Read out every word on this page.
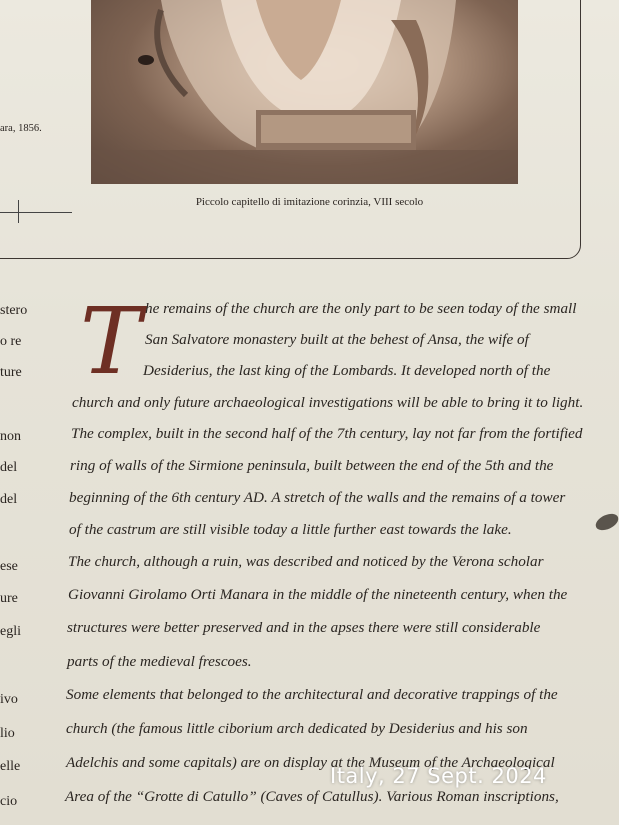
ara, 1856.
Piccolo capitello di imitazione corinzia, VIII secolo
stero
o re
ture
non
del
del
ese
ure
egli
ivo
lio
elle
cio
T he remains of the church are the only part to be seen today of the small
San Salvatore monastery built at the behest of Ansa, the wife of
Desiderius, the last king of the Lombards. It developed north of the
church and only future archaeological investigations will be able to bring it to light.
The complex, built in the second half of the 7th century, lay not far from the fortified
ring of walls of the Sirmione peninsula, built between the end of the 5th and the
beginning of the 6th century AD. A stretch of the walls and the remains of a tower
of the castrum are still visible today a little further east towards the lake.
The church, although a ruin, was described and noticed by the Verona scholar
Giovanni Girolamo Orti Manara in the middle of the nineteenth century, when the
structures were better preserved and in the apses there were still considerable
parts of the medieval frescoes.
Some elements that belonged to the architectural and decorative trappings of the
church (the famous little ciborium arch dedicated by Desiderius and his son
Adelchis and some capitals) are on display at the Museum of the Archaeological
Area of the “Grotte di Catullo” (Caves of Catullus). Various Roman inscriptions,
Italy, 27 Sept. 2024
